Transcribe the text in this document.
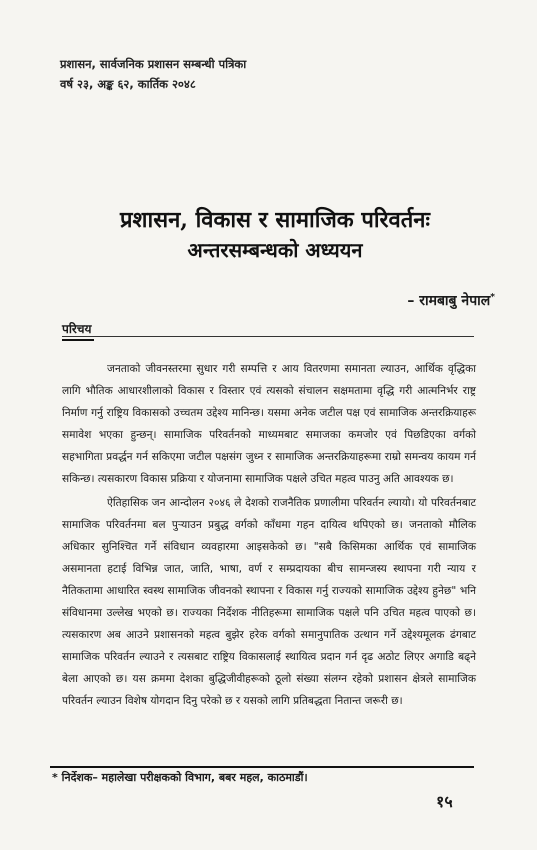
प्रशासन, सार्वजनिक प्रशासन सम्बन्धी पत्रिका
वर्ष २३, अङ्क ६२, कार्तिक २०४८
प्रशासन, विकास र सामाजिक परिवर्तनः
अन्तरसम्बन्धको अध्ययन
– रामबाबु नेपाल*
परिचय

जनताको जीवनस्तरमा सुधार गरी सम्पत्ति र आय वितरणमा समानता ल्याउन, आर्थिक वृद्धिका लागि भौतिक आधारशीलाको विकास र विस्तार एवं त्यसको संचालन सक्षमतामा वृद्धि गरी आत्मनिर्भर राष्ट्र निर्माण गर्नु राष्ट्रिय विकासको उच्चतम उद्देश्य मानिन्छ। यसमा अनेक जटील पक्ष एवं सामाजिक अन्तरक्रियाहरू समावेश भएका हुन्छन्। सामाजिक परिवर्तनको माध्यमबाट समाजका कमजोर एवं पिछडिएका वर्गको सहभागिता प्रवर्द्धन गर्न सकिएमा जटील पक्षसंग जुध्न र सामाजिक अन्तरक्रियाहरूमा राम्रो समन्वय कायम गर्न सकिन्छ। त्यसकारण विकास प्रक्रिया र योजनामा सामाजिक पक्षले उचित महत्व पाउनु अति आवश्यक छ।

ऐतिहासिक जन आन्दोलन २०४६ ले देशको राजनैतिक प्रणालीमा परिवर्तन ल्यायो। यो परिवर्तनबाट सामाजिक परिवर्तनमा बल पुर्‍याउन प्रबुद्ध वर्गको काँधमा गहन दायित्व थपिएको छ। जनताको मौलिक अधिकार सुनिश्चित गर्ने संविधान व्यवहारमा आइसकेको छ। "सबै किसिमका आर्थिक एवं सामाजिक असमानता हटाई विभिन्न जात, जाति, भाषा, वर्ण र सम्प्रदायका बीच सामन्जस्य स्थापना गरी न्याय र नैतिकतामा आधारित स्वस्थ सामाजिक जीवनको स्थापना र विकास गर्नु राज्यको सामाजिक उद्देश्य हुनेछ" भनि संविधानमा उल्लेख भएको छ। राज्यका निर्देशक नीतिहरूमा सामाजिक पक्षले पनि उचित महत्व पाएको छ। त्यसकारण अब आउने प्रशासनको महत्व बुझेर हरेक वर्गको समानुपातिक उत्थान गर्ने उद्देश्यमूलक ढंगबाट सामाजिक परिवर्तन ल्याउने र त्यसबाट राष्ट्रिय विकासलाई स्थायित्व प्रदान गर्न दृढ अठोट लिएर अगाडि बढ्ने बेला आएको छ। यस क्रममा देशका बुद्धिजीवीहरूको ठूलो संख्या संलग्न रहेको प्रशासन क्षेत्रले सामाजिक परिवर्तन ल्याउन विशेष योगदान दिनु परेको छ र यसको लागि प्रतिबद्धता नितान्त जरूरी छ।

* निर्देशक– महालेखा परीक्षकको विभाग, बबर महल, काठमाडौं।
१५
